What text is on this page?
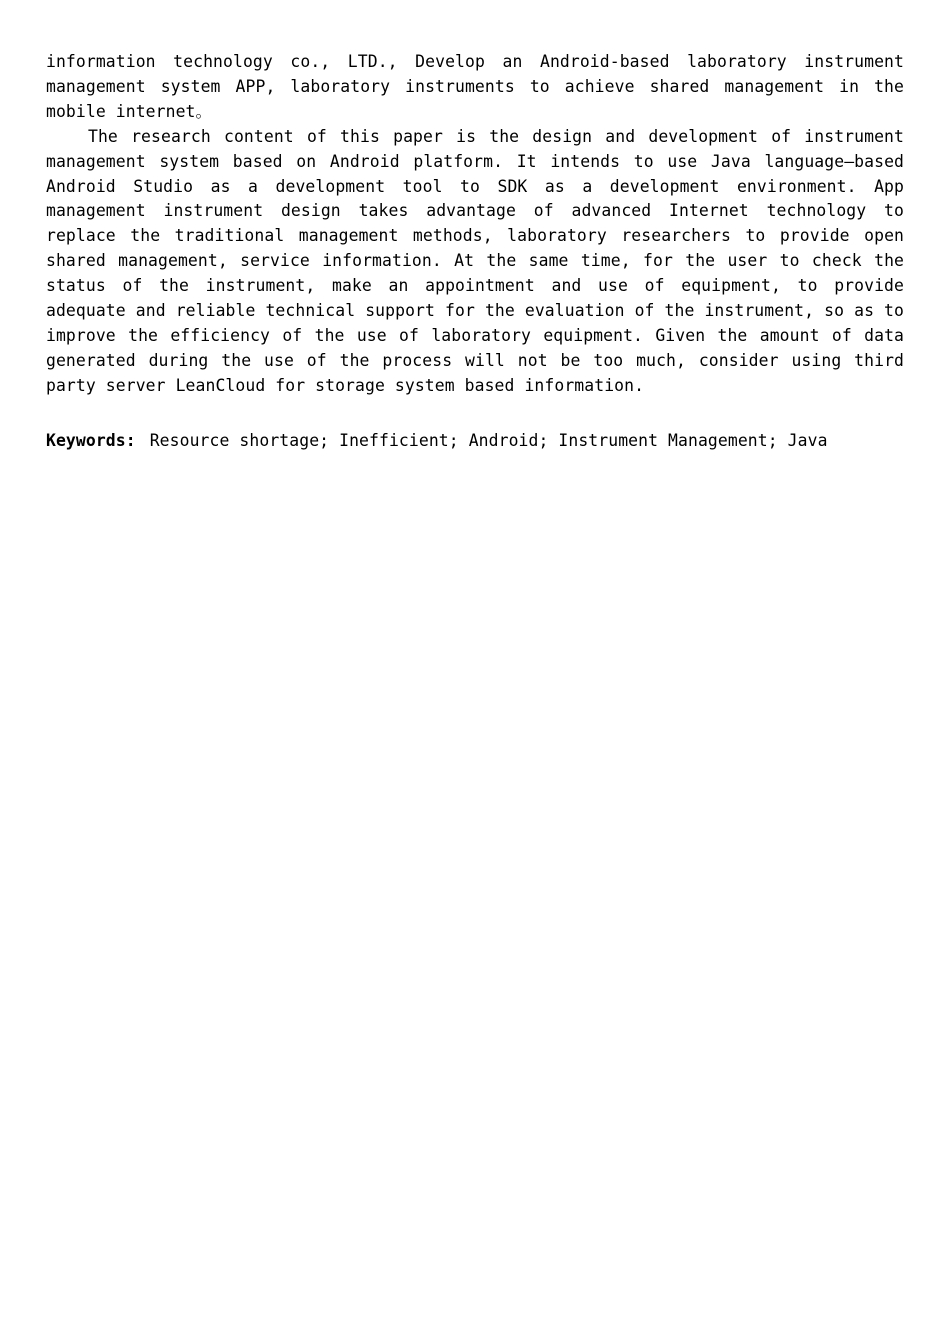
information technology co., LTD., Develop an Android-based laboratory instrument management system APP, laboratory instruments to achieve shared management in the mobile internet。

The research content of this paper is the design and development of instrument management system based on Android platform. It intends to use Java language—based Android Studio as a development tool to SDK as a development environment. App management instrument design takes advantage of advanced Internet technology to replace the traditional management methods, laboratory researchers to provide open shared management, service information. At the same time, for the user to check the status of the instrument, make an appointment and use of equipment, to provide adequate and reliable technical support for the evaluation of the instrument, so as to improve the efficiency of the use of laboratory equipment. Given the amount of data generated during the use of the process will not be too much, consider using third party server LeanCloud for storage system based information.

Keywords: Resource shortage; Inefficient; Android; Instrument Management; Java
